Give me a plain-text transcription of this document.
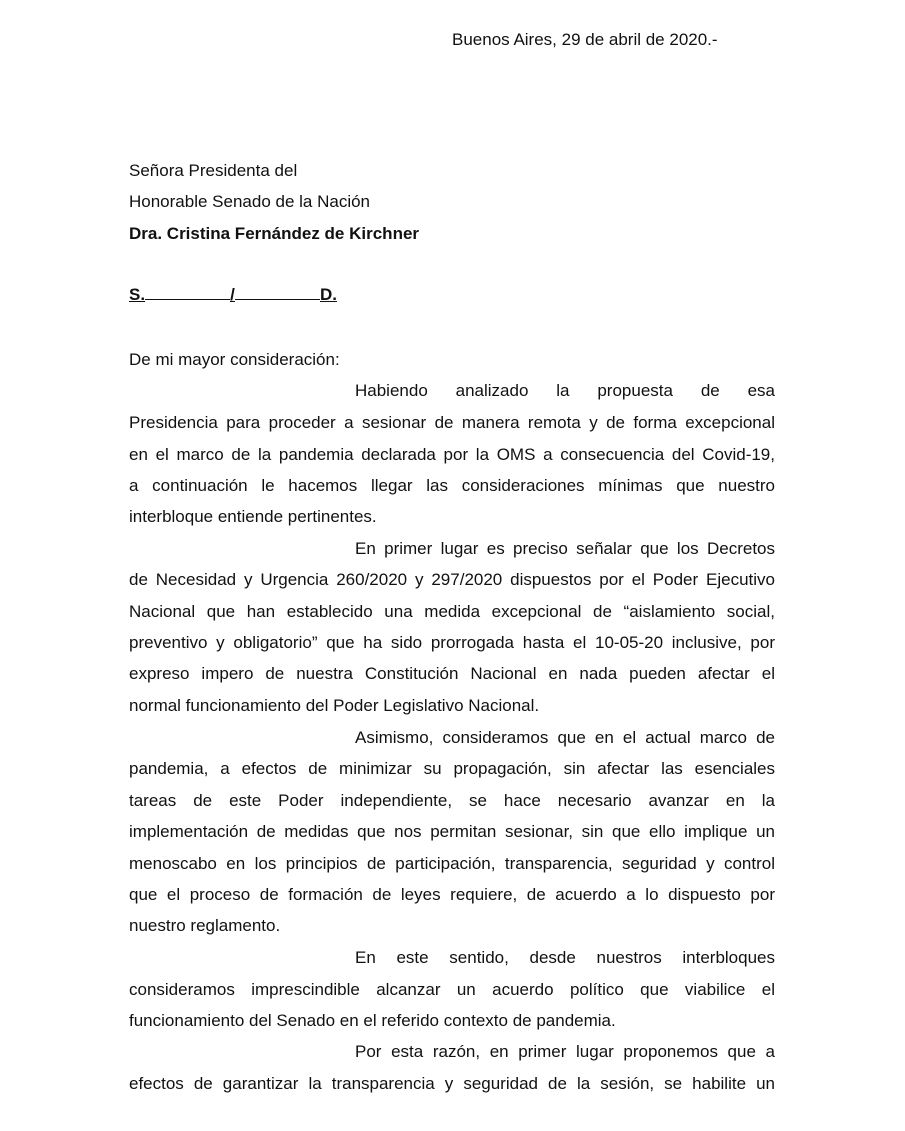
Buenos Aires, 29 de abril de 2020.-
Señora Presidenta del
Honorable Senado de la Nación
Dra. Cristina Fernández de Kirchner
S.	/	D.
De mi mayor consideración:
Habiendo analizado la propuesta de esa
Presidencia para proceder a sesionar de manera remota y de forma excepcional
en el marco de la pandemia declarada por la OMS a consecuencia del Covid-19,
a continuación le hacemos llegar las consideraciones mínimas que nuestro
interbloque entiende pertinentes.
En primer lugar es preciso señalar que los Decretos
de Necesidad y Urgencia 260/2020 y 297/2020 dispuestos por el Poder Ejecutivo
Nacional que han establecido una medida excepcional de “aislamiento social,
preventivo y obligatorio” que ha sido prorrogada hasta el 10-05-20 inclusive, por
expreso impero de nuestra Constitución Nacional en nada pueden afectar el
normal funcionamiento del Poder Legislativo Nacional.
Asimismo, consideramos que en el actual marco de
pandemia, a efectos de minimizar su propagación, sin afectar las esenciales
tareas de este Poder independiente, se hace necesario avanzar en la
implementación de medidas que nos permitan sesionar, sin que ello implique un
menoscabo en los principios de participación, transparencia, seguridad y control
que el proceso de formación de leyes requiere, de acuerdo a lo dispuesto por
nuestro reglamento.
En este sentido, desde nuestros interbloques
consideramos imprescindible alcanzar un acuerdo político que viabilice el
funcionamiento del Senado en el referido contexto de pandemia.
Por esta razón, en primer lugar proponemos que a
efectos de garantizar la transparencia y seguridad de la sesión, se habilite un
